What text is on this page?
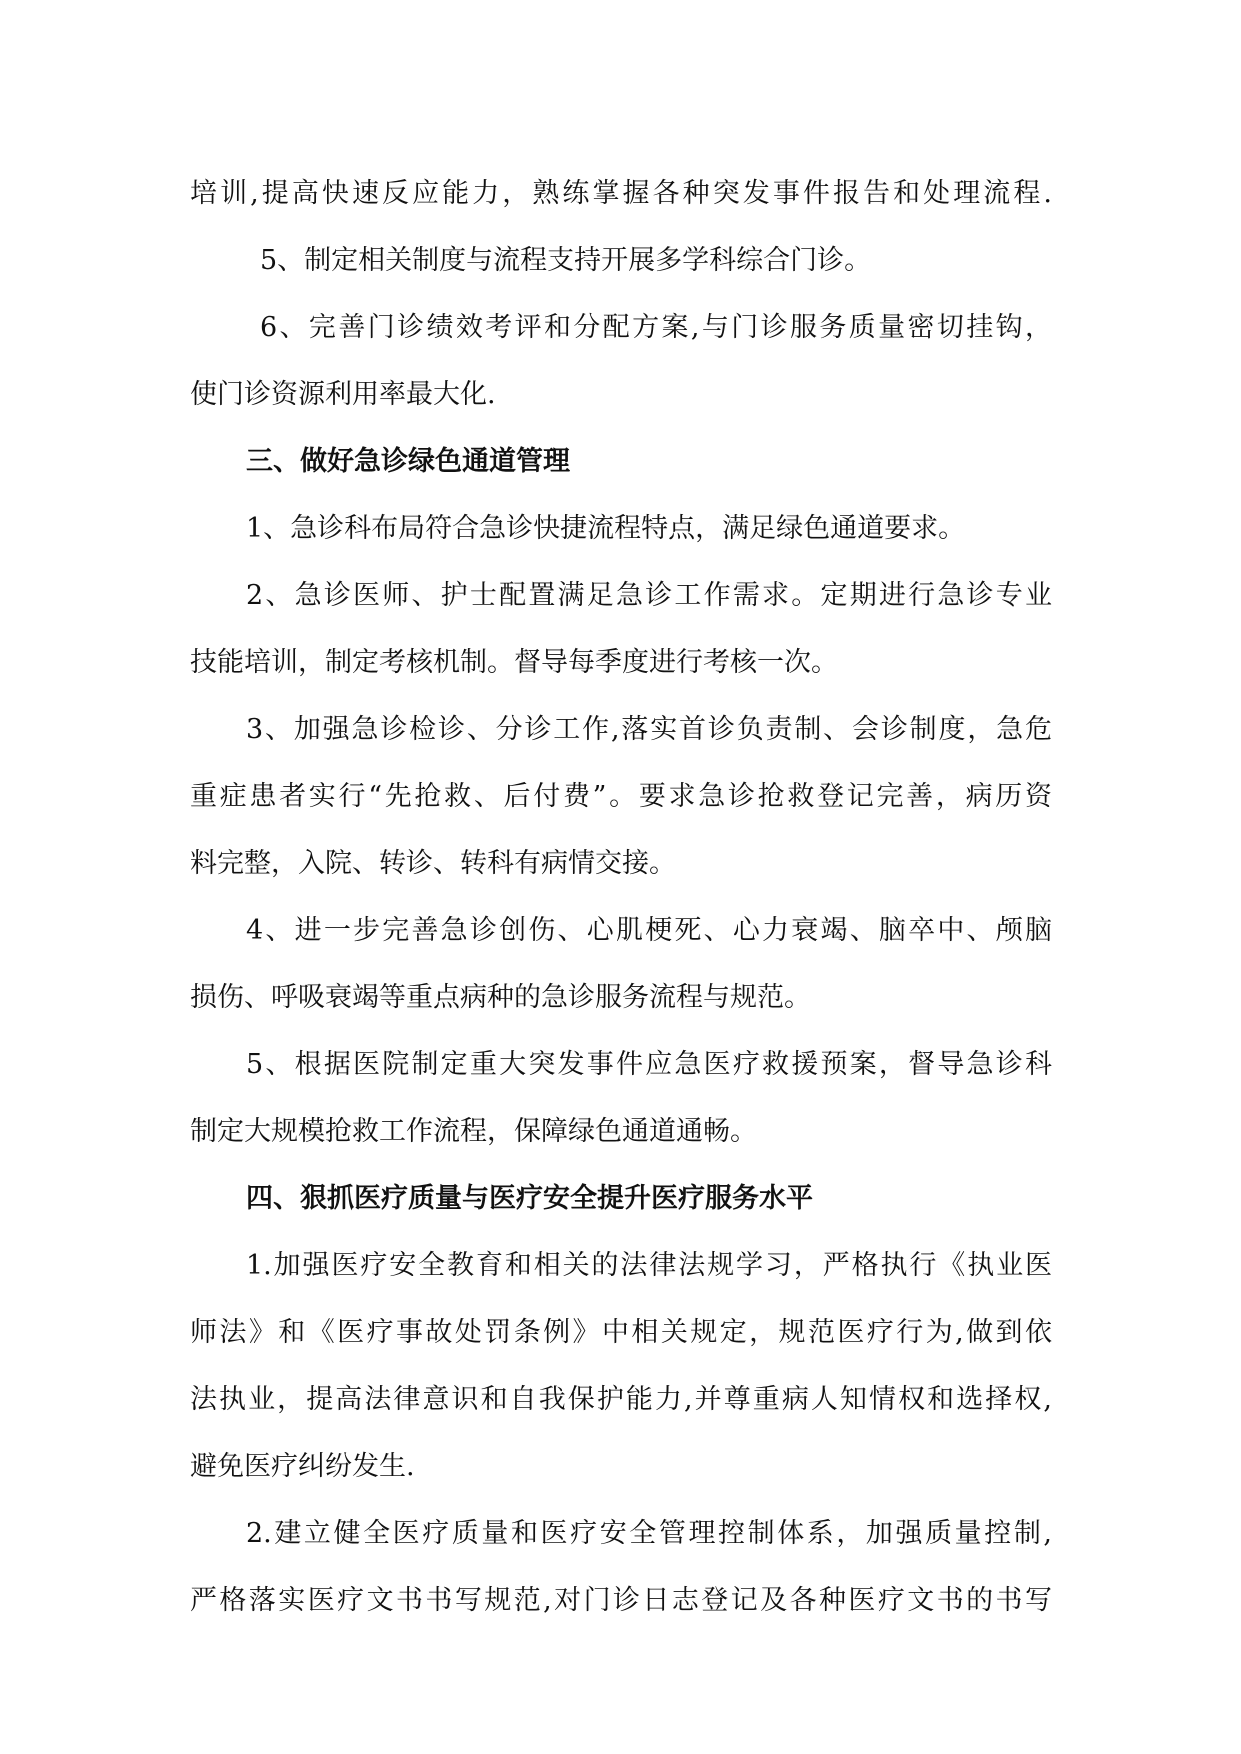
培训,提高快速反应能力，熟练掌握各种突发事件报告和处理流程.
5、制定相关制度与流程支持开展多学科综合门诊。
6、完善门诊绩效考评和分配方案,与门诊服务质量密切挂钩，
使门诊资源利用率最大化.
三、做好急诊绿色通道管理
1、急诊科布局符合急诊快捷流程特点，满足绿色通道要求。
2、急诊医师、护士配置满足急诊工作需求。定期进行急诊专业
技能培训，制定考核机制。督导每季度进行考核一次。
3、加强急诊检诊、分诊工作,落实首诊负责制、会诊制度，急危
重症患者实行“先抢救、后付费”。要求急诊抢救登记完善，病历资
料完整，入院、转诊、转科有病情交接。
4、进一步完善急诊创伤、心肌梗死、心力衰竭、脑卒中、颅脑
损伤、呼吸衰竭等重点病种的急诊服务流程与规范。
5、根据医院制定重大突发事件应急医疗救援预案，督导急诊科
制定大规模抢救工作流程，保障绿色通道通畅。
四、狠抓医疗质量与医疗安全提升医疗服务水平
1.加强医疗安全教育和相关的法律法规学习，严格执行《执业医
师法》和《医疗事故处罚条例》中相关规定，规范医疗行为,做到依
法执业，提高法律意识和自我保护能力,并尊重病人知情权和选择权,
避免医疗纠纷发生.
2.建立健全医疗质量和医疗安全管理控制体系，加强质量控制,
严格落实医疗文书书写规范,对门诊日志登记及各种医疗文书的书写
